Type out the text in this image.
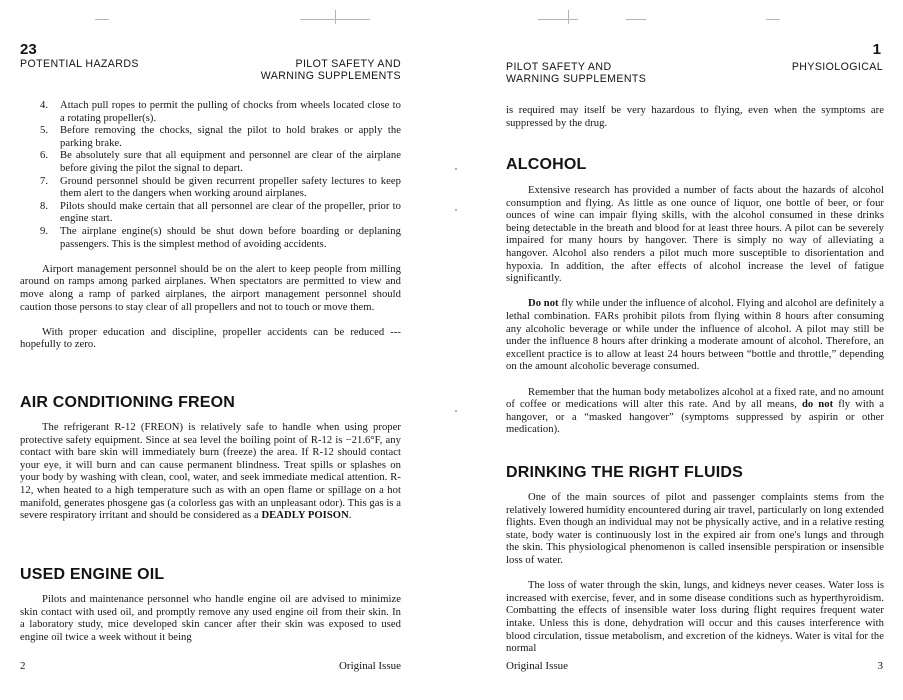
23
POTENTIAL HAZARDS	PILOT SAFETY AND
WARNING SUPPLEMENTS
4. Attach pull ropes to permit the pulling of chocks from wheels located close to a rotating propeller(s).
5. Before removing the chocks, signal the pilot to hold brakes or apply the parking brake.
6. Be absolutely sure that all equipment and personnel are clear of the airplane before giving the pilot the signal to depart.
7. Ground personnel should be given recurrent propeller safety lectures to keep them alert to the dangers when working around airplanes.
8. Pilots should make certain that all personnel are clear of the propeller, prior to engine start.
9. The airplane engine(s) should be shut down before boarding or deplaning passengers. This is the simplest method of avoiding accidents.

Airport management personnel should be on the alert to keep people from milling around on ramps among parked airplanes. When spectators are permitted to view and move along a ramp of parked airplanes, the airport management personnel should caution those persons to stay clear of all propellers and not to touch or move them.

With proper education and discipline, propeller accidents can be reduced --- hopefully to zero.

AIR CONDITIONING FREON

The refrigerant R-12 (FREON) is relatively safe to handle when using proper protective safety equipment. Since at sea level the boiling point of R-12 is −21.6°F, any contact with bare skin will immediately burn (freeze) the area. If R-12 should contact your eye, it will burn and can cause permanent blindness. Treat spills or splashes on your body by washing with clean, cool, water, and seek immediate medical attention. R-12, when heated to a high temperature such as with an open flame or spillage on a hot manifold, generates phosgene gas (a colorless gas with an unpleasant odor). This gas is a severe respiratory irritant and should be considered as a DEADLY POISON.

USED ENGINE OIL

Pilots and maintenance personnel who handle engine oil are advised to minimize skin contact with used oil, and promptly remove any used engine oil from their skin. In a laboratory study, mice developed skin cancer after their skin was exposed to used engine oil twice a week without it being

2	Original Issue
PILOT SAFETY AND
WARNING SUPPLEMENTS
1
PHYSIOLOGICAL

is required may itself be very hazardous to flying, even when the symptoms are suppressed by the drug.

ALCOHOL

Extensive research has provided a number of facts about the hazards of alcohol consumption and flying. As little as one ounce of liquor, one bottle of beer, or four ounces of wine can impair flying skills, with the alcohol consumed in these drinks being detectable in the breath and blood for at least three hours. A pilot can be severely impaired for many hours by hangover. There is simply no way of alleviating a hangover. Alcohol also renders a pilot much more susceptible to disorientation and hypoxia. In addition, the after effects of alcohol increase the level of fatigue significantly.

Do not fly while under the influence of alcohol. Flying and alcohol are definitely a lethal combination. FARs prohibit pilots from flying within 8 hours after consuming any alcoholic beverage or while under the influence of alcohol. A pilot may still be under the influence 8 hours after drinking a moderate amount of alcohol. Therefore, an excellent practice is to allow at least 24 hours between “bottle and throttle,” depending on the amount alcoholic beverage consumed.

Remember that the human body metabolizes alcohol at a fixed rate, and no amount of coffee or medications will alter this rate. And by all means, do not fly with a hangover, or a “masked hangover” (symptoms suppressed by aspirin or other medication).

DRINKING THE RIGHT FLUIDS

One of the main sources of pilot and passenger complaints stems from the relatively lowered humidity encountered during air travel, particularly on long extended flights. Even though an individual may not be physically active, and in a relative resting state, body water is continuously lost in the expired air from one's lungs and through the skin. This physiological phenomenon is called insensible perspiration or insensible loss of water.

The loss of water through the skin, lungs, and kidneys never ceases. Water loss is increased with exercise, fever, and in some disease conditions such as hyperthyroidism. Combatting the effects of insensible water loss during flight requires frequent water intake. Unless this is done, dehydration will occur and this causes interference with blood circulation, tissue metabolism, and excretion of the kidneys. Water is vital for the normal

Original Issue	3
